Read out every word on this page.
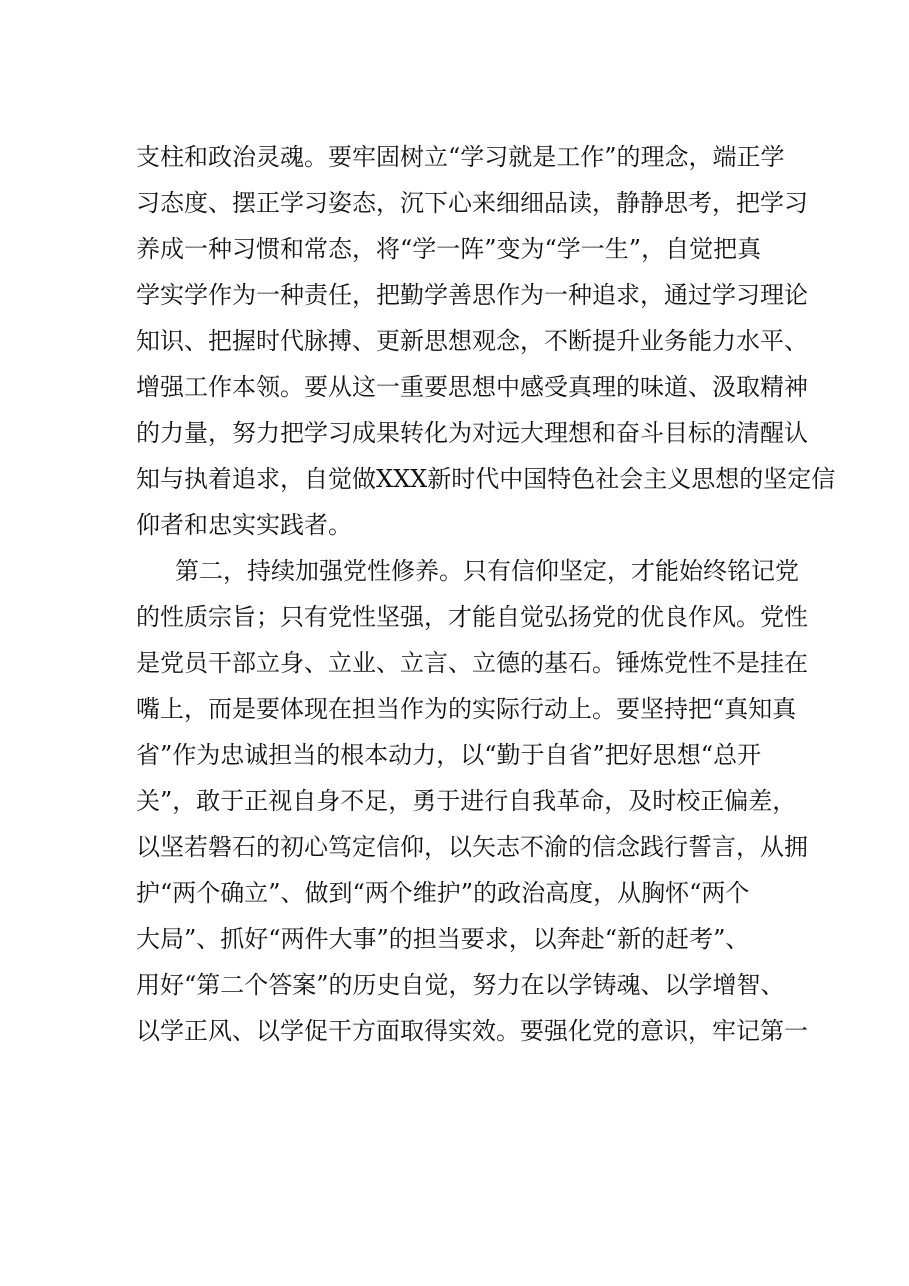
支柱和政治灵魂。要牢固树立“学习就是工作”的理念，端正学
习态度、摆正学习姿态，沉下心来细细品读，静静思考，把学习
养成一种习惯和常态，将“学一阵”变为“学一生”，自觉把真
学实学作为一种责任，把勤学善思作为一种追求，通过学习理论
知识、把握时代脉搏、更新思想观念，不断提升业务能力水平、
增强工作本领。要从这一重要思想中感受真理的味道、汲取精神
的力量，努力把学习成果转化为对远大理想和奋斗目标的清醒认
知与执着追求，自觉做XXX新时代中国特色社会主义思想的坚定信
仰者和忠实实践者。
第二，持续加强党性修养。只有信仰坚定，才能始终铭记党
的性质宗旨；只有党性坚强，才能自觉弘扬党的优良作风。党性
是党员干部立身、立业、立言、立德的基石。锤炼党性不是挂在
嘴上，而是要体现在担当作为的实际行动上。要坚持把“真知真
省”作为忠诚担当的根本动力，以“勤于自省”把好思想“总开
关”，敢于正视自身不足，勇于进行自我革命，及时校正偏差，
以坚若磐石的初心笃定信仰，以矢志不渝的信念践行誓言，从拥
护“两个确立”、做到“两个维护”的政治高度，从胸怀“两个
大局”、抓好“两件大事”的担当要求，以奔赴“新的赶考”、
用好“第二个答案”的历史自觉，努力在以学铸魂、以学增智、
以学正风、以学促干方面取得实效。要强化党的意识，牢记第一
